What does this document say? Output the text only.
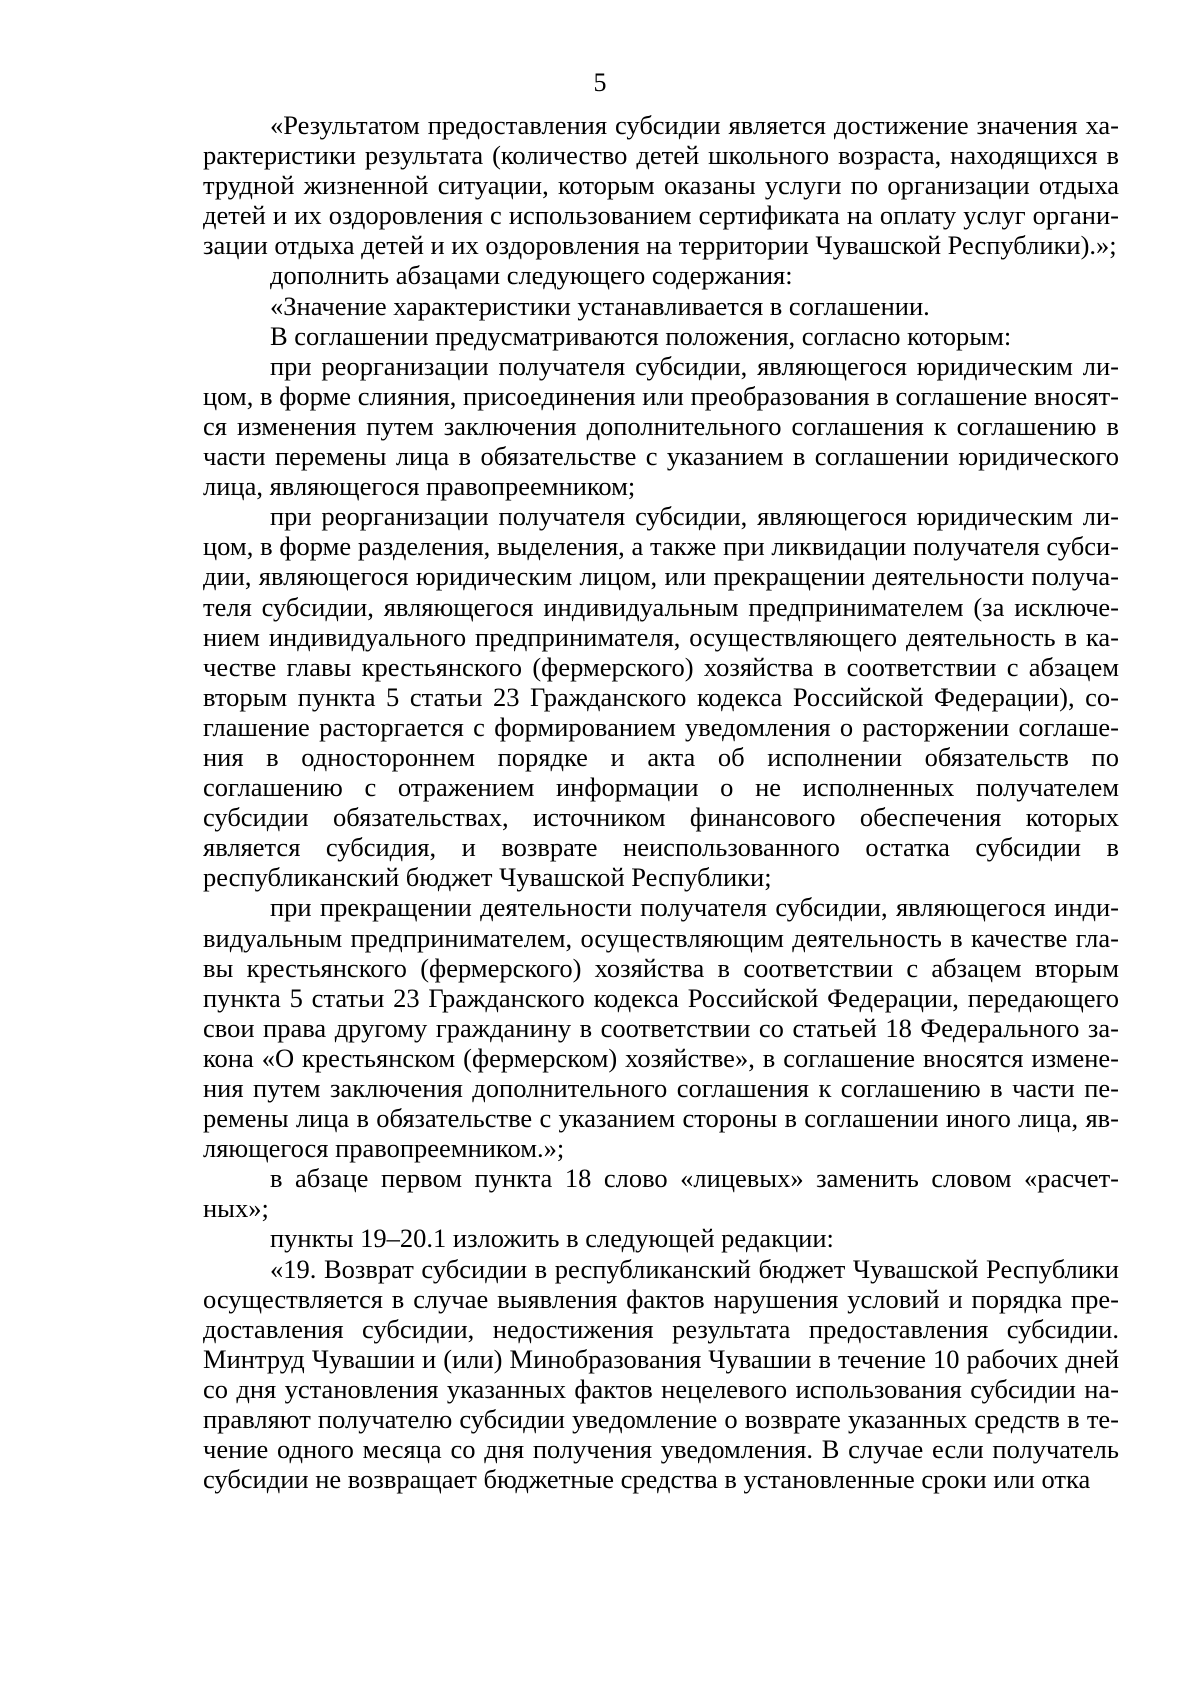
5

«Результатом предоставления субсидии является достижение значения характеристики результата (количество детей школьного возраста, находящихся в трудной жизненной ситуации, которым оказаны услуги по организации отдыха детей и их оздоровления с использованием сертификата на оплату услуг организации отдыха детей и их оздоровления на территории Чувашской Республики).»;

дополнить абзацами следующего содержания:

«Значение характеристики устанавливается в соглашении.

В соглашении предусматриваются положения, согласно которым:

при реорганизации получателя субсидии, являющегося юридическим лицом, в форме слияния, присоединения или преобразования в соглашение вносятся изменения путем заключения дополнительного соглашения к соглашению в части перемены лица в обязательстве с указанием в соглашении юридического лица, являющегося правопреемником;

при реорганизации получателя субсидии, являющегося юридическим лицом, в форме разделения, выделения, а также при ликвидации получателя субсидии, являющегося юридическим лицом, или прекращении деятельности получателя субсидии, являющегося индивидуальным предпринимателем (за исключением индивидуального предпринимателя, осуществляющего деятельность в качестве главы крестьянского (фермерского) хозяйства в соответствии с абзацем вторым пункта 5 статьи 23 Гражданского кодекса Российской Федерации), соглашение расторгается с формированием уведомления о расторжении соглашения в одностороннем порядке и акта об исполнении обязательств по соглашению с отражением информации о не исполненных получателем субсидии обязательствах, источником финансового обеспечения которых является субсидия, и возврате неиспользованного остатка субсидии в республиканский бюджет Чувашской Республики;

при прекращении деятельности получателя субсидии, являющегося индивидуальным предпринимателем, осуществляющим деятельность в качестве главы крестьянского (фермерского) хозяйства в соответствии с абзацем вторым пункта 5 статьи 23 Гражданского кодекса Российской Федерации, передающего свои права другому гражданину в соответствии со статьей 18 Федерального закона «О крестьянском (фермерском) хозяйстве», в соглашение вносятся изменения путем заключения дополнительного соглашения к соглашению в части перемены лица в обязательстве с указанием стороны в соглашении иного лица, являющегося правопреемником.»;

в абзаце первом пункта 18 слово «лицевых» заменить словом «расчетных»;

пункты 19–20.1 изложить в следующей редакции:

«19. Возврат субсидии в республиканский бюджет Чувашской Республики осуществляется в случае выявления фактов нарушения условий и порядка предоставления субсидии, недостижения результата предоставления субсидии. Минтруд Чувашии и (или) Минобразования Чувашии в течение 10 рабочих дней со дня установления указанных фактов нецелевого использования субсидии направляют получателю субсидии уведомление о возврате указанных средств в течение одного месяца со дня получения уведомления. В случае если получатель субсидии не возвращает бюджетные средства в установленные сроки или отка
